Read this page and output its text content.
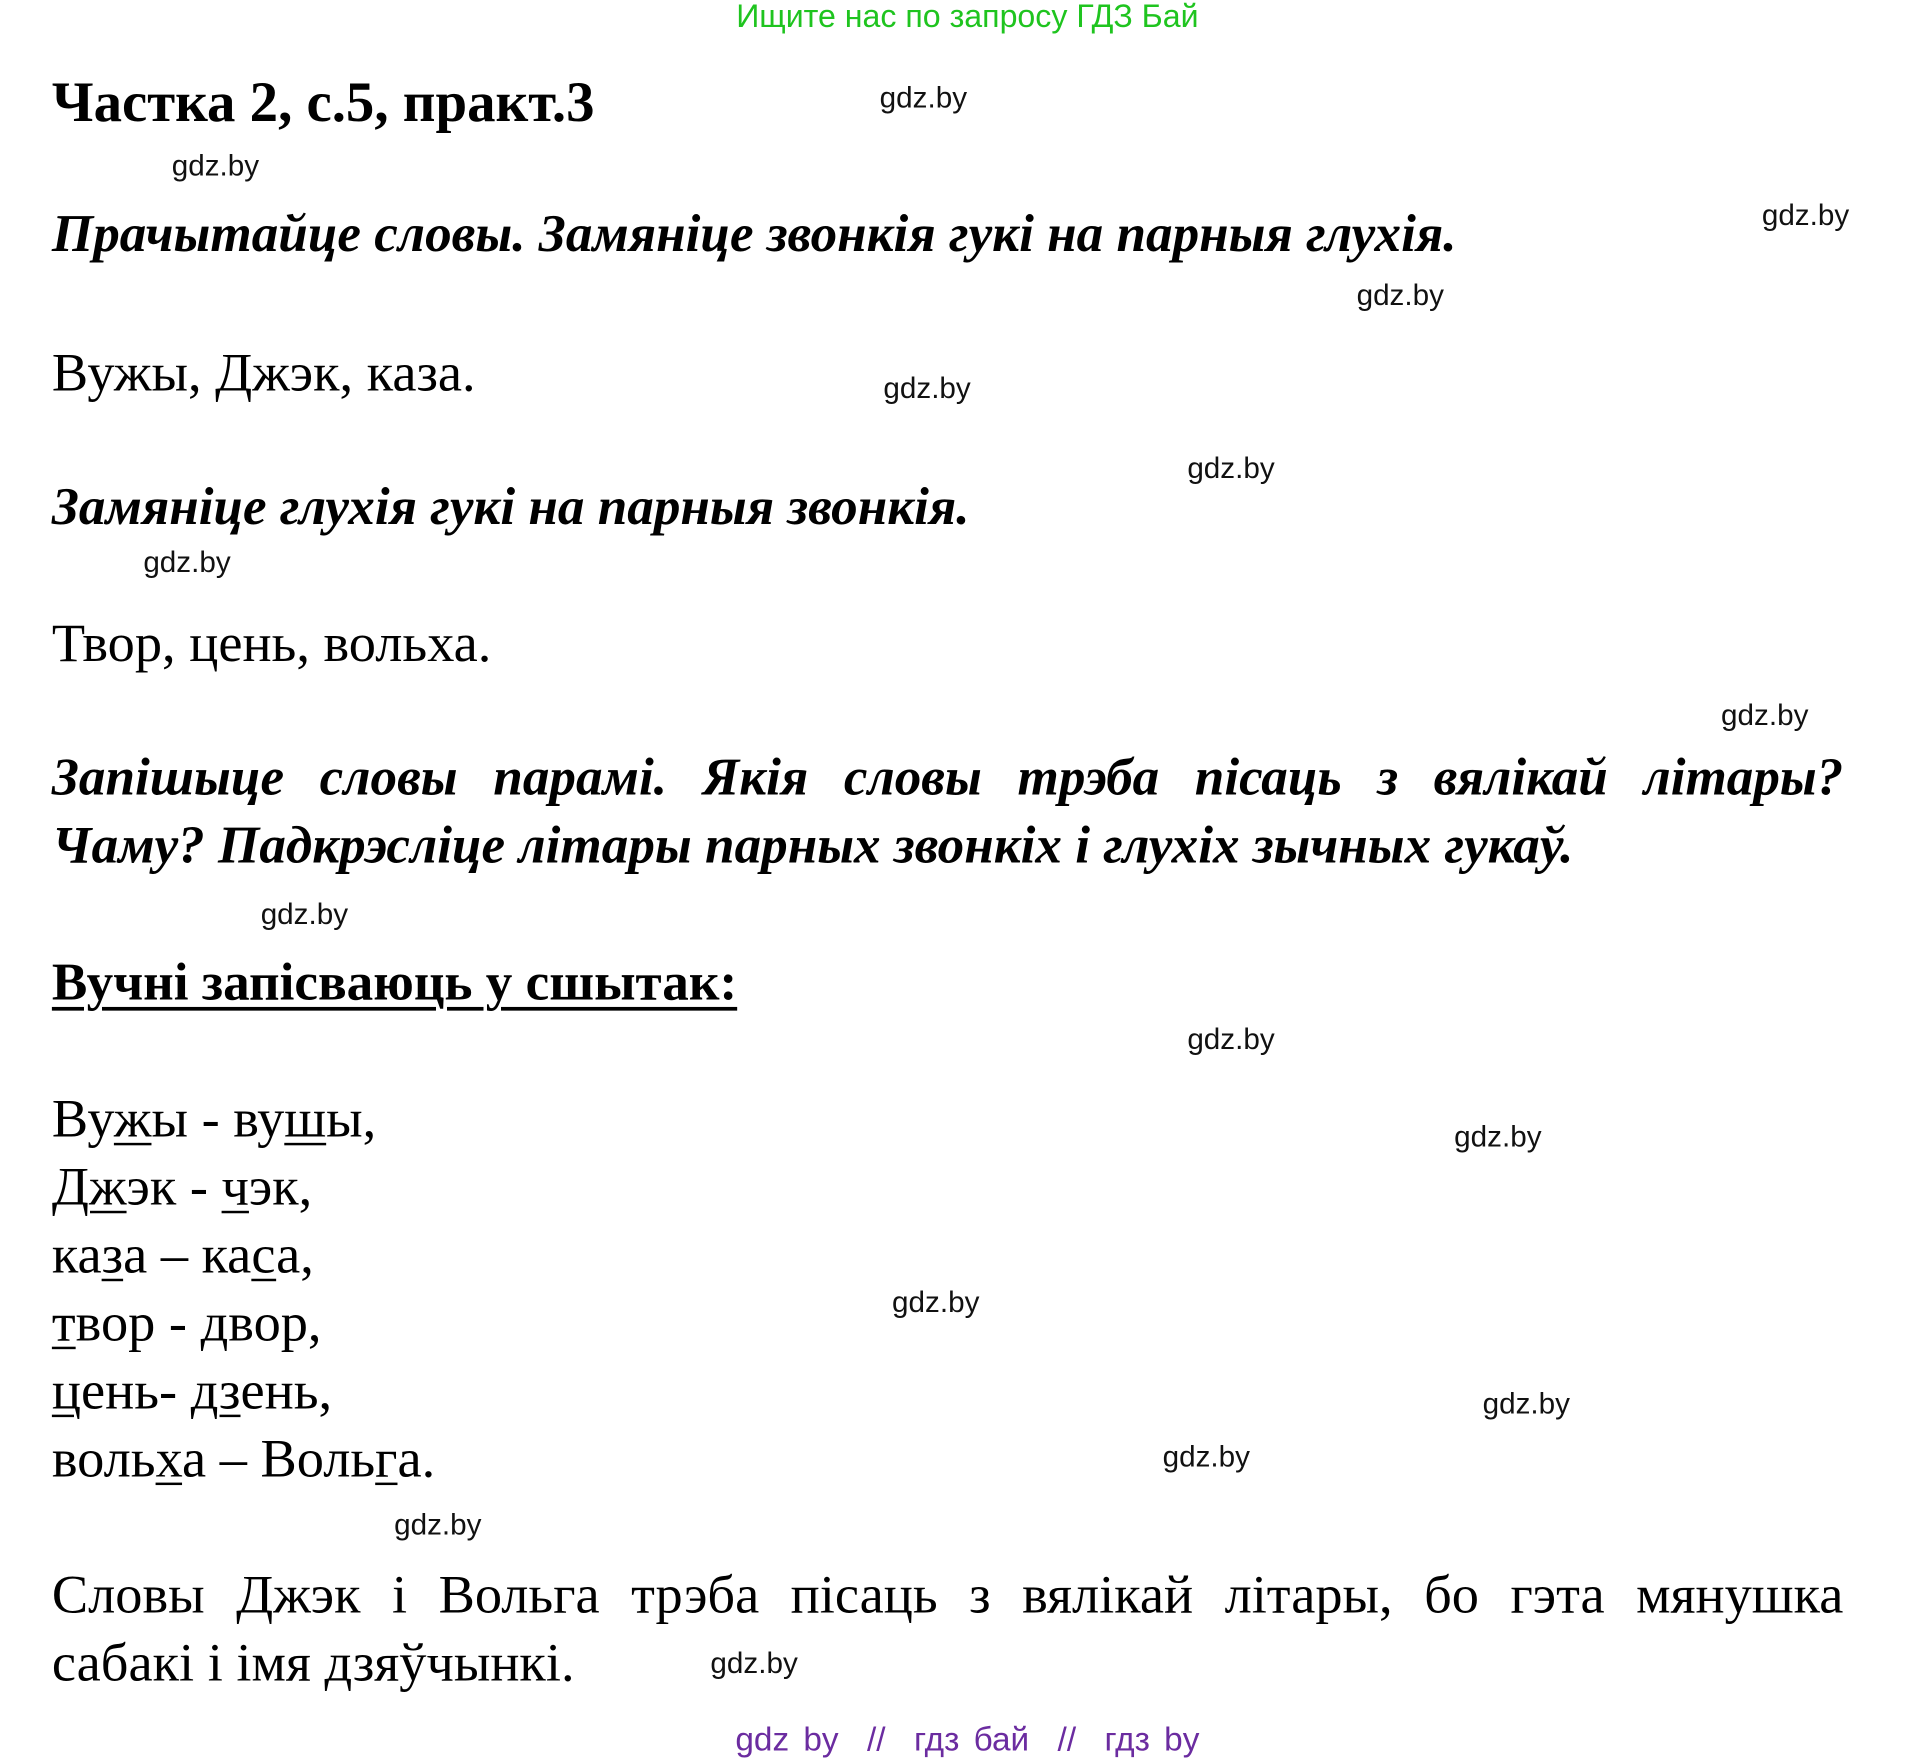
Ищите нас по запросу ГДЗ Бай
Частка 2, с.5, практ.3
Прачытайце словы. Замяніце звонкія гукі на парныя глухія.
Вужы, Джэк, каза.
Замяніце глухія гукі на парныя звонкія.
Твор, цень, вольха.
Запішыце словы парамі. Якія словы трэба пісаць з вялікай літары?
Чаму? Падкрэсліце літары парных звонкіх і глухіх зычных гукаў.
Вучні запісваюць у сшытак:
Вужы - вушы,
Джэк - чэк,
каза – каса,
твор - двор,
цень- дзень,
вольха – Вольга.
Словы Джэк і Вольга трэба пісаць з вялікай літары, бо гэта мянушка
сабакі і імя дзяўчынкі.
gdz.by
gdz.by
gdz.by
gdz.by
gdz.by
gdz.by
gdz.by
gdz.by
gdz.by
gdz.by
gdz.by
gdz.by
gdz.by
gdz.by
gdz.by
gdz.by
gdz by  //  гдз бай  //  гдз by
